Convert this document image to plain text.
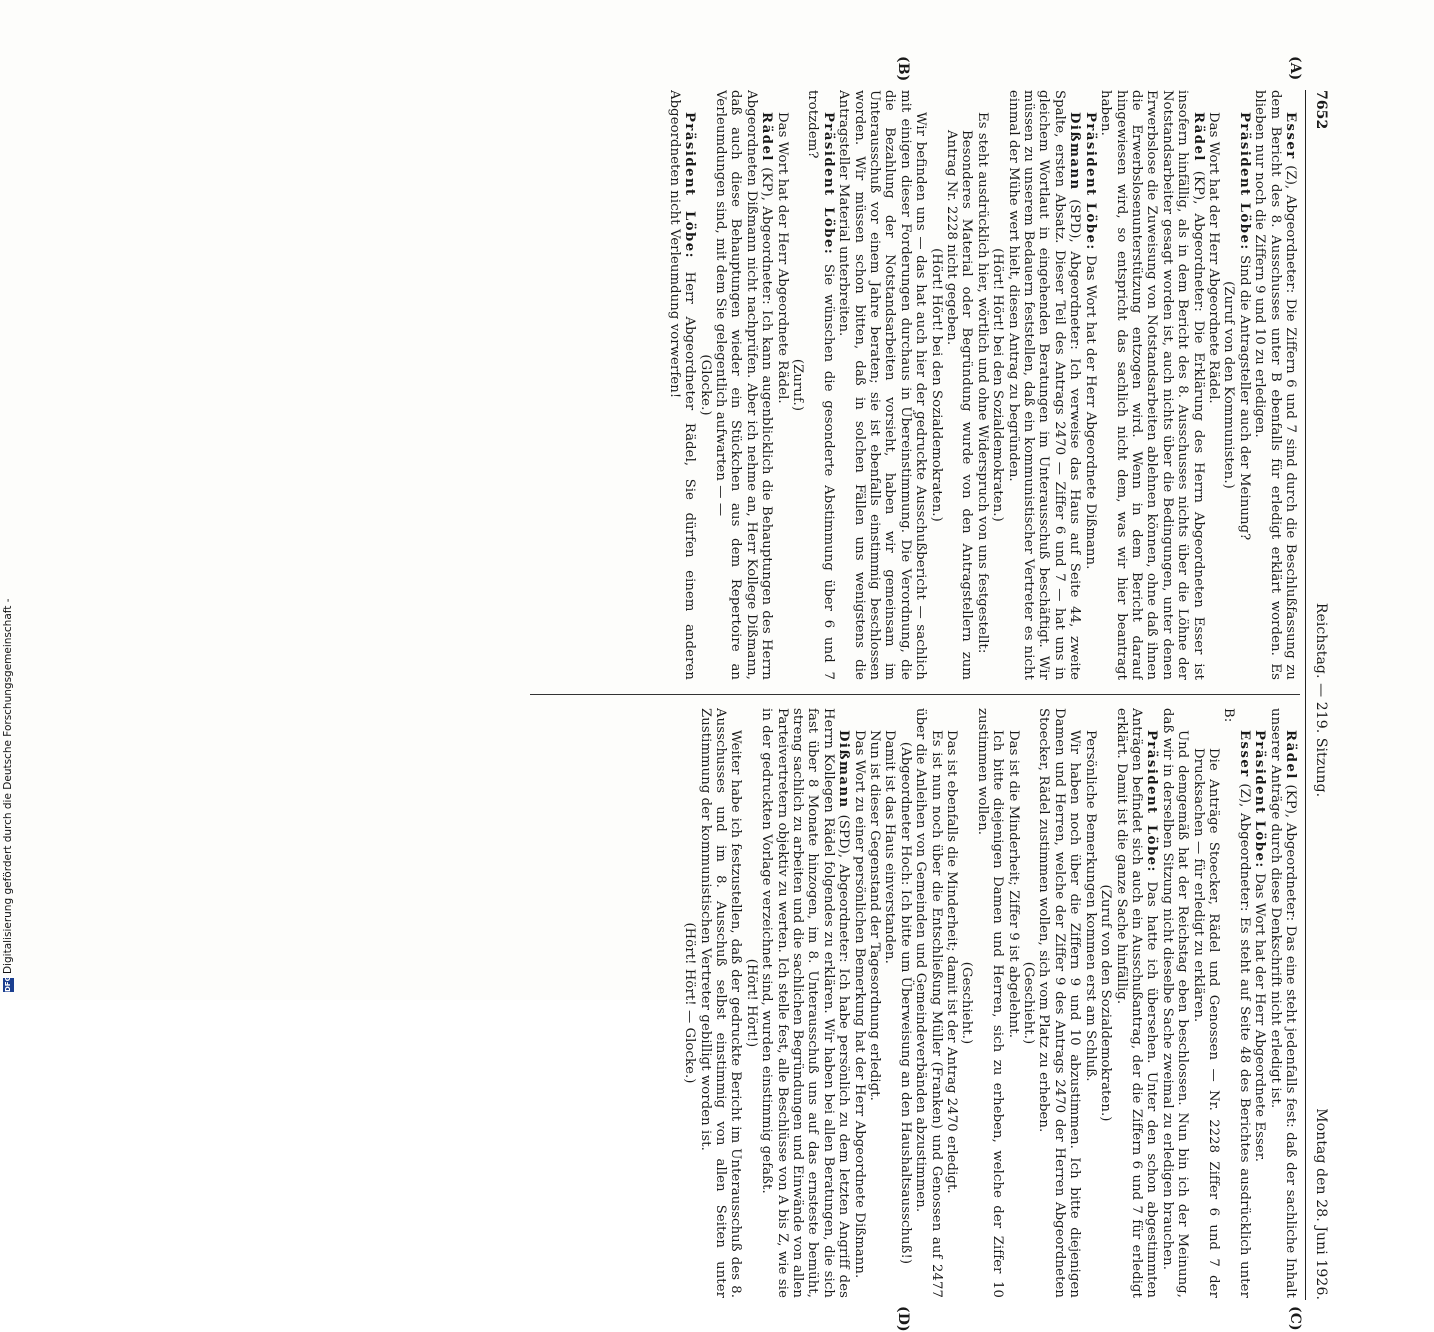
7652
Reichstag. — 219. Sitzung.
Montag den 28. Juni 1926.
(A)
(B)
(C)
(D)

Esser (Z), Abgeordneter: Die Ziffern 6 und 7 sind durch die Beschlußfassung zu dem Bericht des 8. Ausschusses unter B ebenfalls für erledigt erklärt worden. Es blieben nur noch die Ziffern 9 und 10 zu erledigen.

Präsident Löbe: Sind die Antragsteller auch der Meinung?

(Zuruf von den Kommunisten.)

Das Wort hat der Herr Abgeordnete Rädel.

Rädel (KP), Abgeordneter: Die Erklärung des Herrn Abgeordneten Esser ist insofern hinfällig, als in dem Bericht des 8. Ausschusses nichts über die Löhne der Notstandsarbeiter gesagt worden ist, auch nichts über die Bedingungen, unter denen Erwerbslose die Zuweisung von Notstandsarbeiten ablehnen können, ohne daß ihnen die Erwerbslosenunterstützung entzogen wird. Wenn in dem Bericht darauf hingewiesen wird, so entspricht das sachlich nicht dem, was wir hier beantragt haben.

Präsident Löbe: Das Wort hat der Herr Abgeordnete Dißmann.

Dißmann (SPD), Abgeordneter: Ich verweise das Haus auf Seite 44, zweite Spalte, ersten Absatz. Dieser Teil des Antrags 2470 — Ziffer 6 und 7 — hat uns in gleichem Wortlaut in eingehenden Beratungen im Unterausschuß beschäftigt. Wir müssen zu unserem Bedauern feststellen, daß ein kommunistischer Vertreter es nicht einmal der Mühe wert hielt, diesen Antrag zu begründen.

(Hört! Hört! bei den Sozialdemokraten.)

Es steht ausdrücklich hier, wörtlich und ohne Widerspruch von uns festgestellt:

Besonderes Material oder Begründung wurde von den Antragstellern zum Antrag Nr. 2228 nicht gegeben.

(Hört! Hört! bei den Sozialdemokraten.)

Wir befinden uns — das hat auch hier der gedruckte Ausschußbericht — sachlich mit einigen dieser Forderungen durchaus in Übereinstimmung. Die Verordnung, die die Bezahlung der Notstandsarbeiten vorsieht, haben wir gemeinsam im Unterausschuß vor einem Jahre beraten; sie ist ebenfalls einstimmig beschlossen worden. Wir müssen schon bitten, daß in solchen Fällen uns wenigstens die Antragsteller Material unterbreiten.

Präsident Löbe: Sie wünschen die gesonderte Abstimmung über 6 und 7 trotzdem?

(Zuruf.)

Das Wort hat der Herr Abgeordnete Rädel.

Rädel (KP), Abgeordneter: Ich kann augenblicklich die Behauptungen des Herrn Abgeordneten Dißmann nicht nachprüfen. Aber ich nehme an, Herr Kollege Dißmann, daß auch diese Behauptungen wieder ein Stückchen aus dem Repertoire an Verleumdungen sind, mit dem Sie gelegentlich aufwarten — —

(Glocke.)

Präsident Löbe: Herr Abgeordneter Rädel, Sie dürfen einem anderen Abgeordneten nicht Verleumdung vorwerfen!

Rädel (KP), Abgeordneter: Das eine steht jedenfalls fest: daß der sachliche Inhalt unserer Anträge durch diese Denkschrift nicht erledigt ist.

Präsident Löbe: Das Wort hat der Herr Abgeordnete Esser.

Esser (Z), Abgeordneter: Es steht auf Seite 48 des Berichtes ausdrücklich unter B:

Die Anträge Stoecker, Rädel und Genossen — Nr. 2228 Ziffer 6 und 7 der Drucksachen — für erledigt zu erklären.

Und demgemäß hat der Reichstag eben beschlossen. Nun bin ich der Meinung, daß wir in derselben Sitzung nicht dieselbe Sache zweimal zu erledigen brauchen.

Präsident Löbe: Das hatte ich übersehen. Unter den schon abgestimmten Anträgen befindet sich auch ein Ausschußantrag, der die Ziffern 6 und 7 für erledigt erklärt. Damit ist die ganze Sache hinfällig.

(Zuruf von den Sozialdemokraten.)

Persönliche Bemerkungen kommen erst am Schluß.

Wir haben noch über die Ziffern 9 und 10 abzustimmen. Ich bitte diejenigen Damen und Herren, welche der Ziffer 9 des Antrags 2470 der Herren Abgeordneten Stoecker, Rädel zustimmen wollen, sich vom Platz zu erheben.

(Geschieht.)

Das ist die Minderheit; Ziffer 9 ist abgelehnt.

Ich bitte diejenigen Damen und Herren, sich zu erheben, welche der Ziffer 10 zustimmen wollen.

(Geschieht.)

Das ist ebenfalls die Minderheit; damit ist der Antrag 2470 erledigt.

Es ist nun noch über die Entschließung Müller (Franken) und Genossen auf 2477 über die Anleihen von Gemeinden und Gemeindeverbänden abzustimmen.

(Abgeordneter Hoch: Ich bitte um Überweisung an den Haushaltsausschuß!)

Damit ist das Haus einverstanden.

Nun ist dieser Gegenstand der Tagesordnung erledigt.

Das Wort zu einer persönlichen Bemerkung hat der Herr Abgeordnete Dißmann.

Dißmann (SPD), Abgeordneter: Ich habe persönlich zu dem letzten Angriff des Herrn Kollegen Rädel folgendes zu erklären. Wir haben bei allen Beratungen, die sich fast über 8 Monate hinzogen, im 8. Unterausschuß uns auf das ernsteste bemüht, streng sachlich zu arbeiten und die sachlichen Begründungen und Einwände von allen Parteivertretern objektiv zu werten. Ich stelle fest, alle Beschlüsse von A bis Z, wie sie in der gedruckten Vorlage verzeichnet sind, wurden einstimmig gefaßt.

(Hört! Hört!)

Weiter habe ich festzustellen, daß der gedruckte Bericht im Unterausschuß des 8. Ausschusses und im 8. Ausschuß selbst einstimmig von allen Seiten unter Zustimmung der kommunistischen Vertreter gebilligt worden ist.

(Hört! Hört! — Glocke.)

DFGDigitalisierung gefördert durch die Deutsche Forschungsgemeinschaft -
